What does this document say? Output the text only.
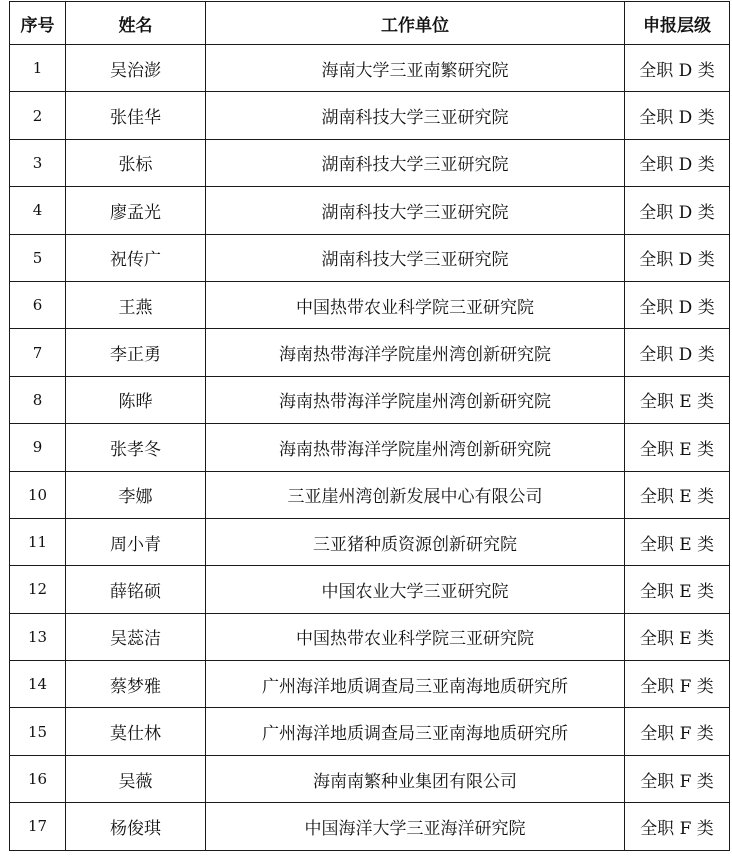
序号	姓名	工作单位	申报层级
1	吴治澎	海南大学三亚南繁研究院	全职 D 类
2	张佳华	湖南科技大学三亚研究院	全职 D 类
3	张标	湖南科技大学三亚研究院	全职 D 类
4	廖孟光	湖南科技大学三亚研究院	全职 D 类
5	祝传广	湖南科技大学三亚研究院	全职 D 类
6	王燕	中国热带农业科学院三亚研究院	全职 D 类
7	李正勇	海南热带海洋学院崖州湾创新研究院	全职 D 类
8	陈晔	海南热带海洋学院崖州湾创新研究院	全职 E 类
9	张孝冬	海南热带海洋学院崖州湾创新研究院	全职 E 类
10	李娜	三亚崖州湾创新发展中心有限公司	全职 E 类
11	周小青	三亚猪种质资源创新研究院	全职 E 类
12	薛铭硕	中国农业大学三亚研究院	全职 E 类
13	吴蕊洁	中国热带农业科学院三亚研究院	全职 E 类
14	蔡梦雅	广州海洋地质调查局三亚南海地质研究所	全职 F 类
15	莫仕林	广州海洋地质调查局三亚南海地质研究所	全职 F 类
16	吴薇	海南南繁种业集团有限公司	全职 F 类
17	杨俊琪	中国海洋大学三亚海洋研究院	全职 F 类
